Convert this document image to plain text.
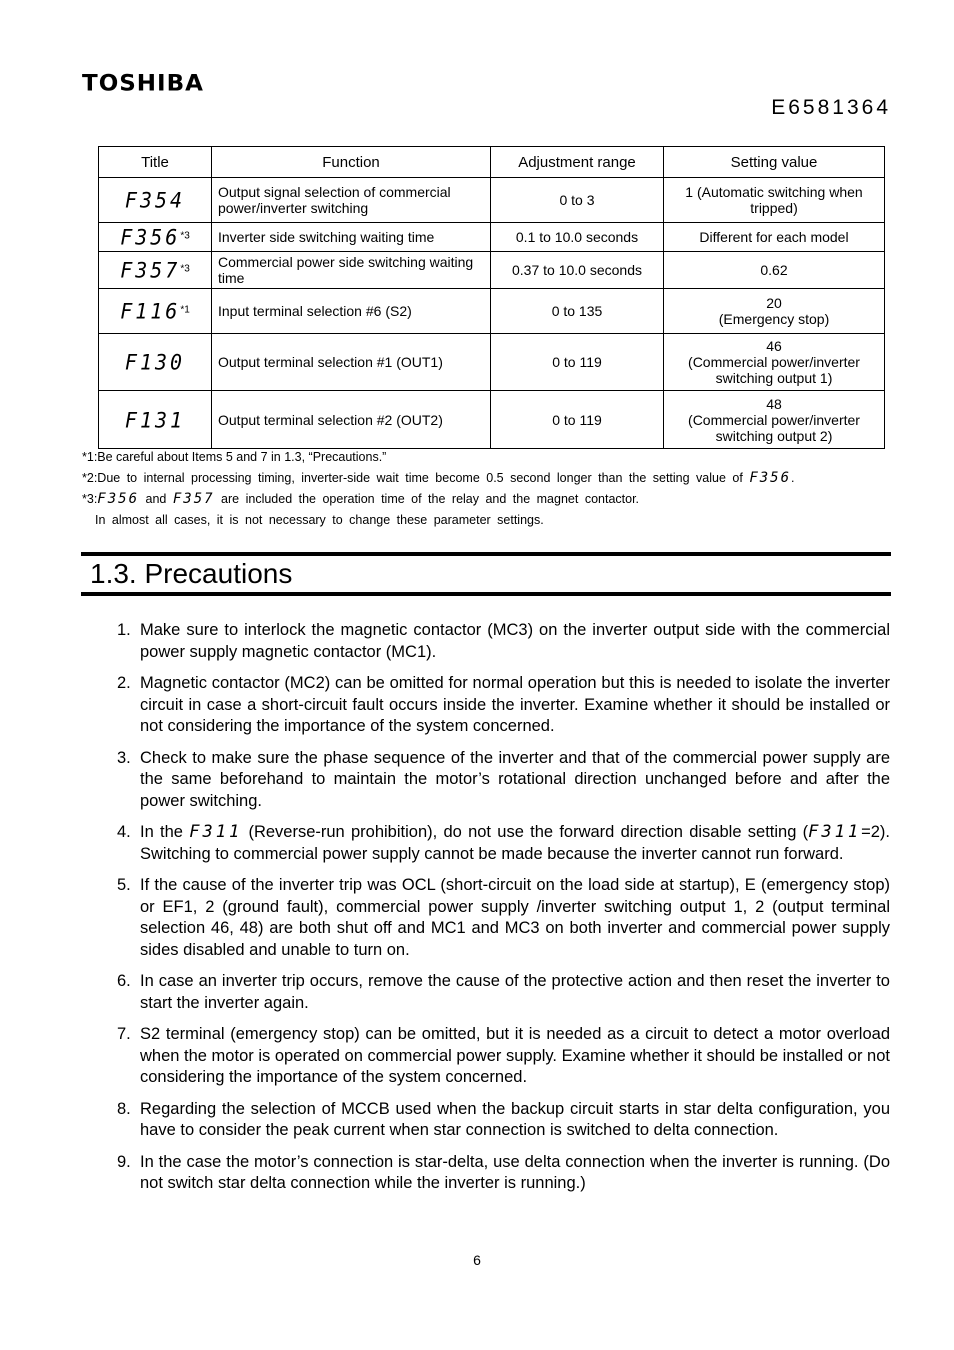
TOSHIBA
E6581364
Title	Function	Adjustment range	Setting value
F354	Output signal selection of commercial power/inverter switching	0 to 3	1 (Automatic switching when tripped)
F356$^{*3}$	Inverter side switching waiting time	0.1 to 10.0 seconds	Different for each model
F357$^{*3}$	Commercial power side switching waiting time	0.37 to 10.0 seconds	0.62
F116$^{*1}$	Input terminal selection #6 (S2)	0 to 135	20
(Emergency stop)

F130	Output terminal selection #1 (OUT1)	0 to 119	46
(Commercial power/inverter switching output 1)

F131	Output terminal selection #2 (OUT2)	0 to 119	48
(Commercial power/inverter switching output 2)
*1:Be careful about Items 5 and 7 in 1.3, “Precautions.”
*2:Due to internal processing timing, inverter-side wait time become 0.5 second longer than the setting value of F356.
*3:F356 and F357 are included the operation time of the relay and the magnet contactor.
In almost all cases, it is not necessary to change these parameter settings.
1.3. Precautions
1. Make sure to interlock the magnetic contactor (MC3) on the inverter output side with the commercial power supply magnetic contactor (MC1).
2. Magnetic contactor (MC2) can be omitted for normal operation but this is needed to isolate the inverter circuit in case a short-circuit fault occurs inside the inverter. Examine whether it should be installed or not considering the importance of the system concerned.
3. Check to make sure the phase sequence of the inverter and that of the commercial power supply are the same beforehand to maintain the motor’s rotational direction unchanged before and after the power switching.
4. In the F311 (Reverse-run prohibition), do not use the forward direction disable setting (F311=2). Switching to commercial power supply cannot be made because the inverter cannot run forward.
5. If the cause of the inverter trip was OCL (short-circuit on the load side at startup), E (emergency stop) or EF1, 2 (ground fault), commercial power supply /inverter switching output 1, 2 (output terminal selection 46, 48) are both shut off and MC1 and MC3 on both inverter and commercial power supply sides disabled and unable to turn on.
6. In case an inverter trip occurs, remove the cause of the protective action and then reset the inverter to start the inverter again.
7. S2 terminal (emergency stop) can be omitted, but it is needed as a circuit to detect a motor overload when the motor is operated on commercial power supply. Examine whether it should be installed or not considering the importance of the system concerned.
8. Regarding the selection of MCCB used when the backup circuit starts in star delta configuration, you have to consider the peak current when star connection is switched to delta connection.
9. In the case the motor’s connection is star-delta, use delta connection when the inverter is running. (Do not switch star delta connection while the inverter is running.)
6
